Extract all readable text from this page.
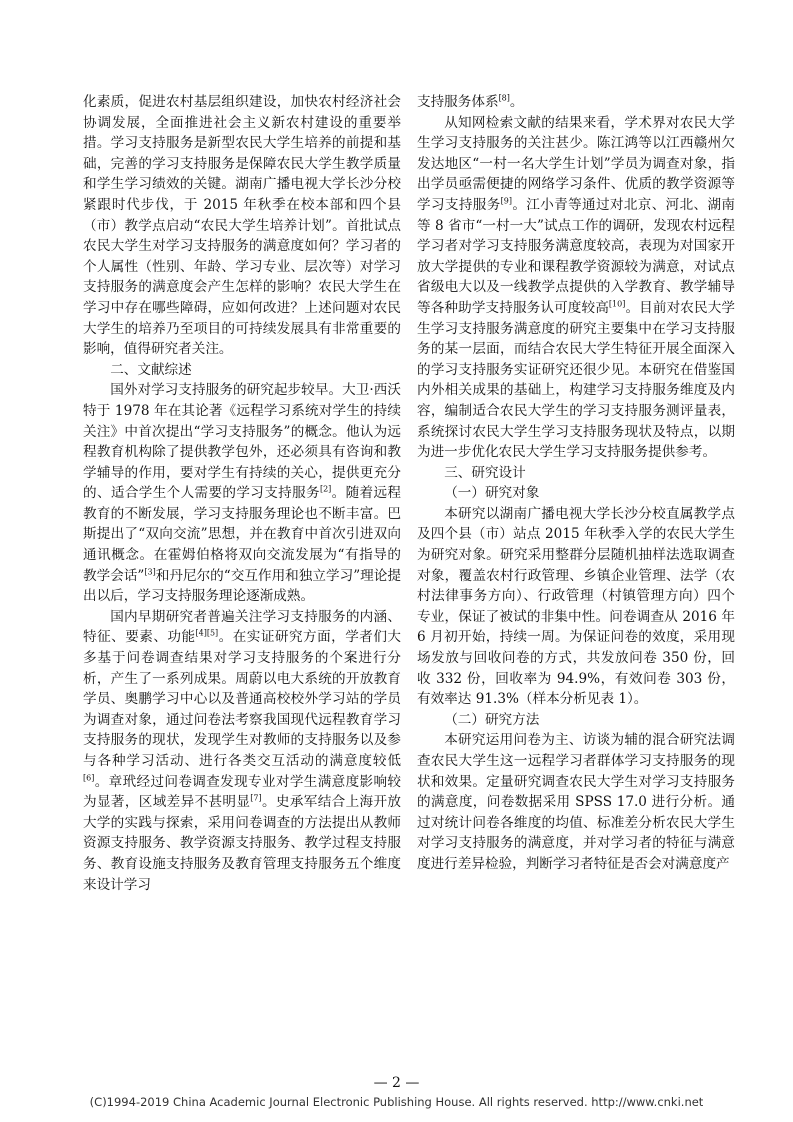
化素质，促进农村基层组织建设，加快农村经济社会协调发展，全面推进社会主义新农村建设的重要举措。学习支持服务是新型农民大学生培养的前提和基础，完善的学习支持服务是保障农民大学生教学质量和学生学习绩效的关键。湖南广播电视大学长沙分校紧跟时代步伐，于 2015 年秋季在校本部和四个县（市）教学点启动“农民大学生培养计划”。首批试点农民大学生对学习支持服务的满意度如何？学习者的个人属性（性别、年龄、学习专业、层次等）对学习支持服务的满意度会产生怎样的影响？农民大学生在学习中存在哪些障碍，应如何改进？上述问题对农民大学生的培养乃至项目的可持续发展具有非常重要的影响，值得研究者关注。

二、文献综述

国外对学习支持服务的研究起步较早。大卫·西沃特于 1978 年在其论著《远程学习系统对学生的持续关注》中首次提出“学习支持服务”的概念。他认为远程教育机构除了提供教学包外，还必须具有咨询和教学辅导的作用，要对学生有持续的关心，提供更充分的、适合学生个人需要的学习支持服务[2]。随着远程教育的不断发展，学习支持服务理论也不断丰富。巴斯提出了“双向交流”思想，并在教育中首次引进双向通讯概念。在霍姆伯格将双向交流发展为“有指导的教学会话”[3]和丹尼尔的“交互作用和独立学习”理论提出以后，学习支持服务理论逐渐成熟。

国内早期研究者普遍关注学习支持服务的内涵、特征、要素、功能[4][5]。在实证研究方面，学者们大多基于问卷调查结果对学习支持服务的个案进行分析，产生了一系列成果。周蔚以电大系统的开放教育学员、奥鹏学习中心以及普通高校校外学习站的学员为调查对象，通过问卷法考察我国现代远程教育学习支持服务的现状，发现学生对教师的支持服务以及参与各种学习活动、进行各类交互活动的满意度较低[6]。章玳经过问卷调查发现专业对学生满意度影响较为显著，区域差异不甚明显[7]。史承军结合上海开放大学的实践与探索，采用问卷调查的方法提出从教师资源支持服务、教学资源支持服务、教学过程支持服务、教育设施支持服务及教育管理支持服务五个维度来设计学习

支持服务体系[8]。

从知网检索文献的结果来看，学术界对农民大学生学习支持服务的关注甚少。陈江鸿等以江西赣州欠发达地区“一村一名大学生计划”学员为调查对象，指出学员亟需便捷的网络学习条件、优质的教学资源等学习支持服务[9]。江小青等通过对北京、河北、湖南等 8 省市“一村一大”试点工作的调研，发现农村远程学习者对学习支持服务满意度较高，表现为对国家开放大学提供的专业和课程教学资源较为满意，对试点省级电大以及一线教学点提供的入学教育、教学辅导等各种助学支持服务认可度较高[10]。目前对农民大学生学习支持服务满意度的研究主要集中在学习支持服务的某一层面，而结合农民大学生特征开展全面深入的学习支持服务实证研究还很少见。本研究在借鉴国内外相关成果的基础上，构建学习支持服务维度及内容，编制适合农民大学生的学习支持服务测评量表，系统探讨农民大学生学习支持服务现状及特点，以期为进一步优化农民大学生学习支持服务提供参考。

三、研究设计
（一）研究对象

本研究以湖南广播电视大学长沙分校直属教学点及四个县（市）站点 2015 年秋季入学的农民大学生为研究对象。研究采用整群分层随机抽样法选取调查对象，覆盖农村行政管理、乡镇企业管理、法学（农村法律事务方向）、行政管理（村镇管理方向）四个专业，保证了被试的非集中性。问卷调查从 2016 年 6 月初开始，持续一周。为保证问卷的效度，采用现场发放与回收问卷的方式，共发放问卷 350 份，回收 332 份，回收率为 94.9%，有效问卷 303 份，有效率达 91.3%（样本分析见表 1）。

（二）研究方法

本研究运用问卷为主、访谈为辅的混合研究法调查农民大学生这一远程学习者群体学习支持服务的现状和效果。定量研究调查农民大学生对学习支持服务的满意度，问卷数据采用 SPSS 17.0 进行分析。通过对统计问卷各维度的均值、标准差分析农民大学生对学习支持服务的满意度，并对学习者的特征与满意度进行差异检验，判断学习者特征是否会对满意度产

— 2 —
(C)1994-2019 China Academic Journal Electronic Publishing House. All rights reserved. http://www.cnki.net
